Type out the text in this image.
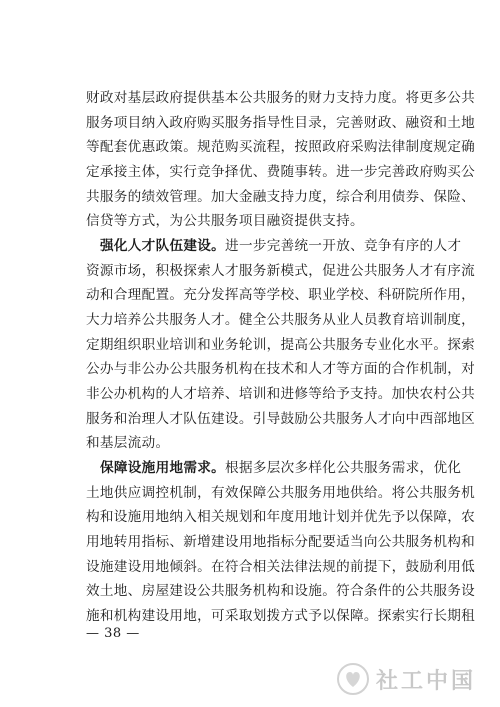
财政对基层政府提供基本公共服务的财力支持力度。将更多公共
服务项目纳入政府购买服务指导性目录，完善财政、融资和土地
等配套优惠政策。规范购买流程，按照政府采购法律制度规定确
定承接主体，实行竞争择优、费随事转。进一步完善政府购买公
共服务的绩效管理。加大金融支持力度，综合利用债券、保险、
信贷等方式，为公共服务项目融资提供支持。
强化人才队伍建设。进一步完善统一开放、竞争有序的人才
资源市场，积极探索人才服务新模式，促进公共服务人才有序流
动和合理配置。充分发挥高等学校、职业学校、科研院所作用，
大力培养公共服务人才。健全公共服务从业人员教育培训制度，
定期组织职业培训和业务轮训，提高公共服务专业化水平。探索
公办与非公办公共服务机构在技术和人才等方面的合作机制，对
非公办机构的人才培养、培训和进修等给予支持。加快农村公共
服务和治理人才队伍建设。引导鼓励公共服务人才向中西部地区
和基层流动。
保障设施用地需求。根据多层次多样化公共服务需求，优化
土地供应调控机制，有效保障公共服务用地供给。将公共服务机
构和设施用地纳入相关规划和年度用地计划并优先予以保障，农
用地转用指标、新增建设用地指标分配要适当向公共服务机构和
设施建设用地倾斜。在符合相关法律法规的前提下，鼓励利用低
效土地、房屋建设公共服务机构和设施。符合条件的公共服务设
施和机构建设用地，可采取划拨方式予以保障。探索实行长期租
— 38 —
社工中国
